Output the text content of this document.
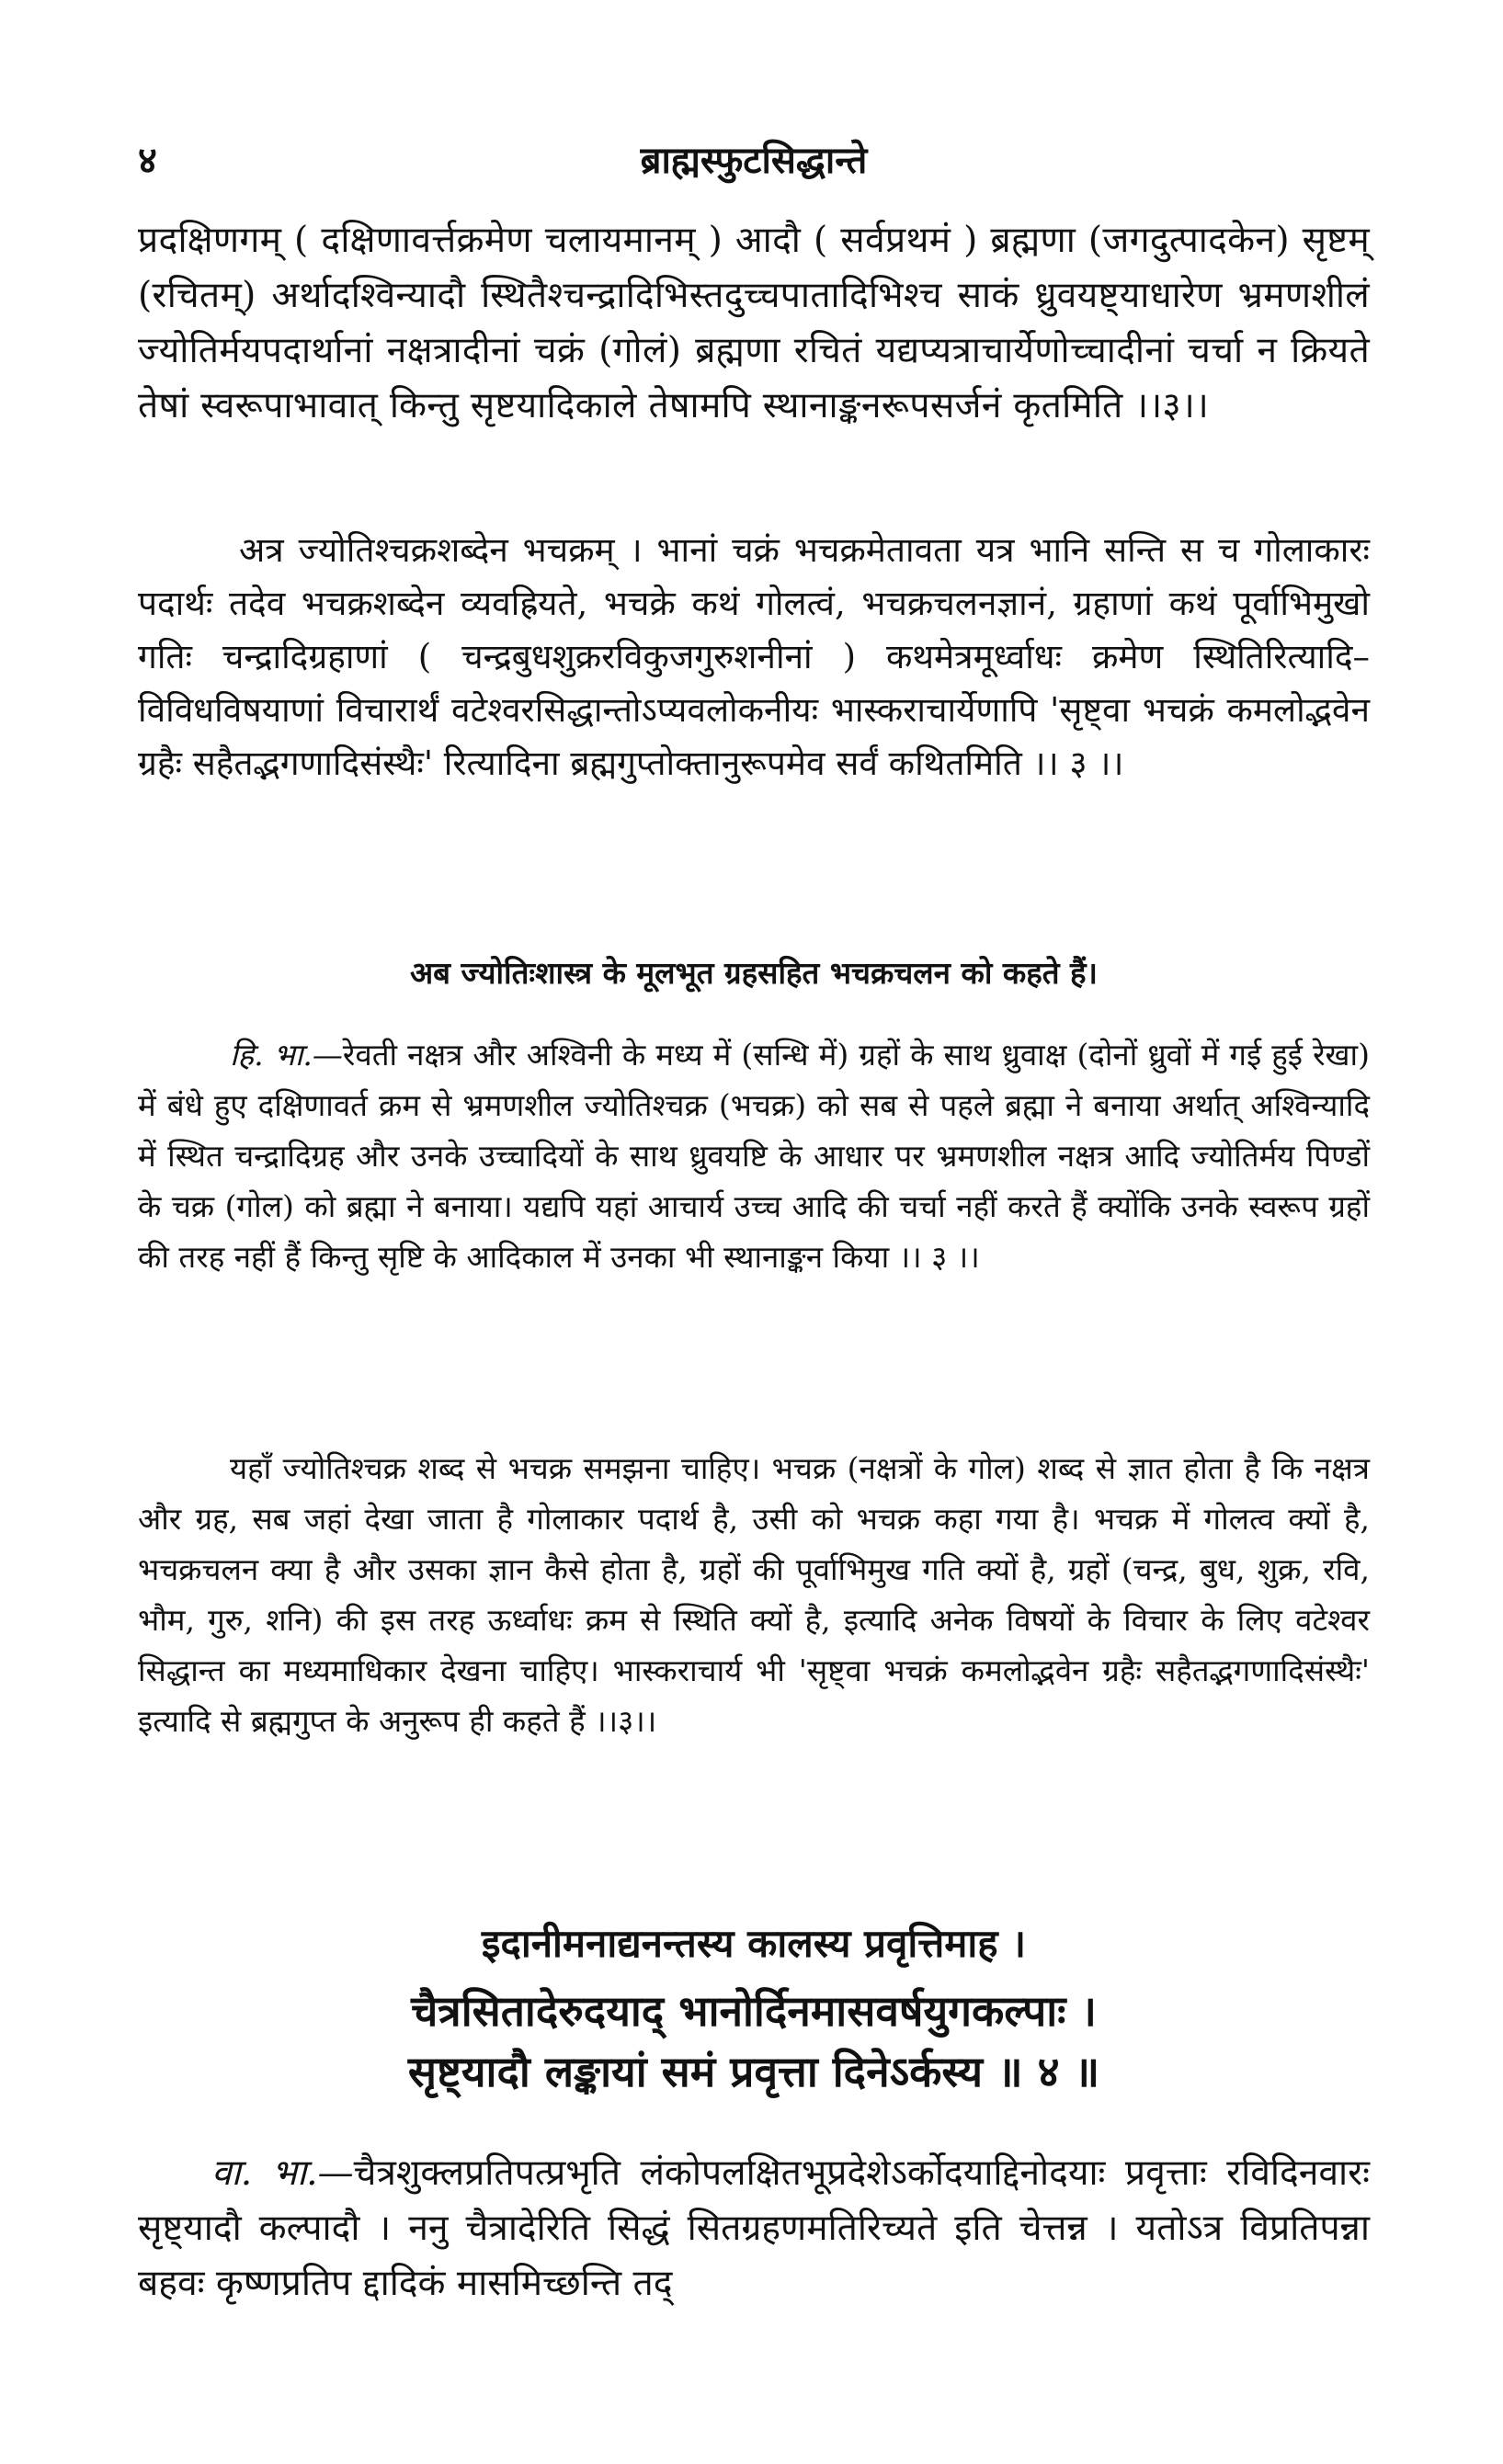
४	ब्राह्मस्फुटसिद्धान्ते

प्रदक्षिणगम् ( दक्षिणावर्त्तक्रमेण चलायमानम् ) आदौ ( सर्वप्रथमं ) ब्रह्मणा (जगदुत्पादकेन) सृष्टम् (रचितम्) अर्थादश्विन्यादौ स्थितैश्चन्द्रादिभिस्तदुच्चपातादिभिश्च साकं ध्रुवयष्ट्याधारेण भ्रमणशीलं ज्योतिर्मयपदार्थानां नक्षत्रादीनां चक्रं (गोलं) ब्रह्मणा रचितं यद्यप्यत्राचार्येणोच्चादीनां चर्चा न क्रियते तेषां स्वरूपाभावात् किन्तु सृष्टयादिकाले तेषामपि स्थानाङ्कनरूपसर्जनं कृतमिति ।।३।।

अत्र ज्योतिश्चक्रशब्देन भचक्रम् । भानां चक्रं भचक्रमेतावता यत्र भानि सन्ति स च गोलाकारः पदार्थः तदेव भचक्रशब्देन व्यवह्रियते, भचक्रे कथं गोलत्वं, भचक्रचलनज्ञानं, ग्रहाणां कथं पूर्वाभिमुखो गतिः चन्द्रादिग्रहाणां ( चन्द्रबुधशुक्ररविकुजगुरुशनीनां ) कथमेत्रमूर्ध्वाधः क्रमेण स्थितिरित्यादि–विविधविषयाणां विचारार्थं वटेश्वरसिद्धान्तोऽप्यवलोकनीयः भास्कराचार्येणापि 'सृष्ट्वा भचक्रं कमलोद्भवेन ग्रहैः सहैतद्भगणादिसंस्थैः' रित्यादिना ब्रह्मगुप्तोक्तानुरूपमेव सर्वं कथितमिति ।। ३ ।।

अब ज्योतिःशास्त्र के मूलभूत ग्रहसहित भचक्रचलन को कहते हैं।

हि. भा.—रेवती नक्षत्र और अश्विनी के मध्य में (सन्धि में) ग्रहों के साथ ध्रुवाक्ष (दोनों ध्रुवों में गई हुई रेखा) में बंधे हुए दक्षिणावर्त क्रम से भ्रमणशील ज्योतिश्चक्र (भचक्र) को सब से पहले ब्रह्मा ने बनाया अर्थात् अश्विन्यादि में स्थित चन्द्रादिग्रह और उनके उच्चादियों के साथ ध्रुवयष्टि के आधार पर भ्रमणशील नक्षत्र आदि ज्योतिर्मय पिण्डों के चक्र (गोल) को ब्रह्मा ने बनाया। यद्यपि यहां आचार्य उच्च आदि की चर्चा नहीं करते हैं क्योंकि उनके स्वरूप ग्रहों की तरह नहीं हैं किन्तु सृष्टि के आदिकाल में उनका भी स्थानाङ्कन किया ।। ३ ।।

यहाँ ज्योतिश्चक्र शब्द से भचक्र समझना चाहिए। भचक्र (नक्षत्रों के गोल) शब्द से ज्ञात होता है कि नक्षत्र और ग्रह, सब जहां देखा जाता है गोलाकार पदार्थ है, उसी को भचक्र कहा गया है। भचक्र में गोलत्व क्यों है, भचक्रचलन क्या है और उसका ज्ञान कैसे होता है, ग्रहों की पूर्वाभिमुख गति क्यों है, ग्रहों (चन्द्र, बुध, शुक्र, रवि, भौम, गुरु, शनि) की इस तरह ऊर्ध्वाधः क्रम से स्थिति क्यों है, इत्यादि अनेक विषयों के विचार के लिए वटेश्वर सिद्धान्त का मध्यमाधिकार देखना चाहिए। भास्कराचार्य भी 'सृष्ट्वा भचक्रं कमलोद्भवेन ग्रहैः सहैतद्भगणादिसंस्थैः' इत्यादि से ब्रह्मगुप्त के अनुरूप ही कहते हैं ।।३।।

इदानीमनाद्यनन्तस्य कालस्य प्रवृत्तिमाह ।

चैत्रसितादेरुदयाद् भानोर्दिनमासवर्षयुगकल्पाः ।
सृष्ट्यादौ लङ्कायां समं प्रवृत्ता दिनेऽर्कस्य ॥ ४ ॥

वा. भा.—चैत्रशुक्लप्रतिपत्प्रभृति लंकोपलक्षितभूप्रदेशेऽर्कोदयाद्दिनोदयाः प्रवृत्ताः रविदिनवारः सृष्ट्यादौ कल्पादौ । ननु चैत्रादेरिति सिद्धं सितग्रहणमतिरिच्यते इति चेत्तन्न । यतोऽत्र विप्रतिपन्ना बहवः कृष्णप्रतिप द्दादिकं मासमिच्छन्ति तद्
